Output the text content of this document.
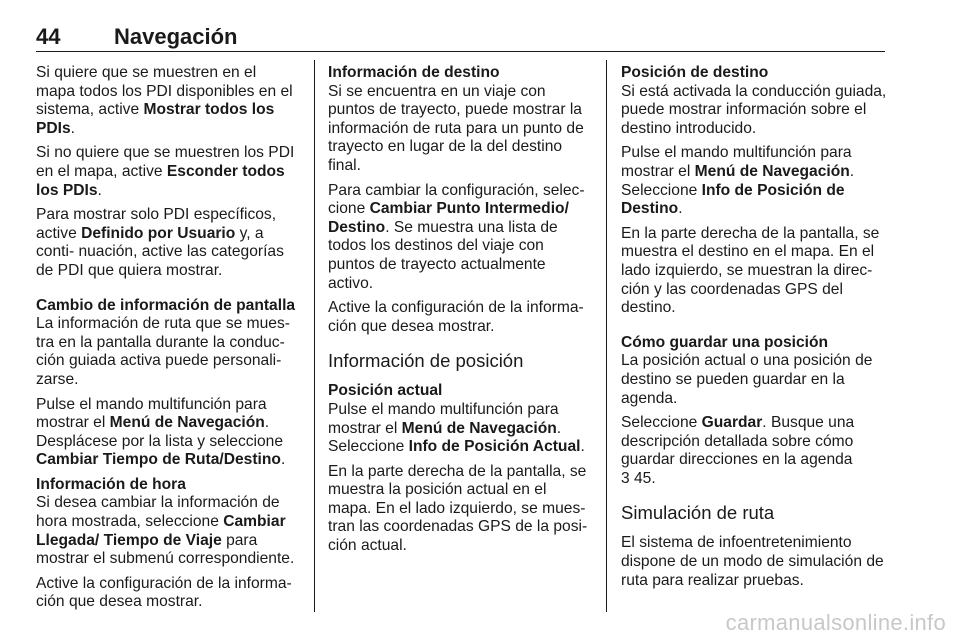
44 Navegación

Si quiere que se muestren en el mapa todos los PDI disponibles en el sistema, active Mostrar todos los PDIs.

Si no quiere que se muestren los PDI en el mapa, active Esconder todos los PDIs.

Para mostrar solo PDI específicos, active Definido por Usuario y, a conti- nuación, active las categorías de PDI que quiera mostrar.

Cambio de información de pantalla

La información de ruta que se mues- tra en la pantalla durante la conduc- ción guiada activa puede personali- zarse.

Pulse el mando multifunción para mostrar el Menú de Navegación. Desplácese por la lista y seleccione Cambiar Tiempo de Ruta/Destino.

Información de hora

Si desea cambiar la información de hora mostrada, seleccione Cambiar Llegada/ Tiempo de Viaje para mostrar el submenú correspondiente.

Active la configuración de la informa- ción que desea mostrar.

Información de destino

Si se encuentra en un viaje con puntos de trayecto, puede mostrar la información de ruta para un punto de trayecto en lugar de la del destino final.

Para cambiar la configuración, selec- cione Cambiar Punto Intermedio/ Destino. Se muestra una lista de todos los destinos del viaje con puntos de trayecto actualmente activo.

Active la configuración de la informa- ción que desea mostrar.

Información de posición
Posición actual

Pulse el mando multifunción para mostrar el Menú de Navegación. Seleccione Info de Posición Actual.

En la parte derecha de la pantalla, se muestra la posición actual en el mapa. En el lado izquierdo, se mues- tran las coordenadas GPS de la posi- ción actual.

Posición de destino

Si está activada la conducción guiada, puede mostrar información sobre el destino introducido.

Pulse el mando multifunción para mostrar el Menú de Navegación. Seleccione Info de Posición de Destino.

En la parte derecha de la pantalla, se muestra el destino en el mapa. En el lado izquierdo, se muestran la direc- ción y las coordenadas GPS del destino.

Cómo guardar una posición

La posición actual o una posición de destino se pueden guardar en la agenda.

Seleccione Guardar. Busque una descripción detallada sobre cómo guardar direcciones en la agenda
3 45.

Simulación de ruta

El sistema de infoentretenimiento dispone de un modo de simulación de ruta para realizar pruebas.

carmanualsonline.info
